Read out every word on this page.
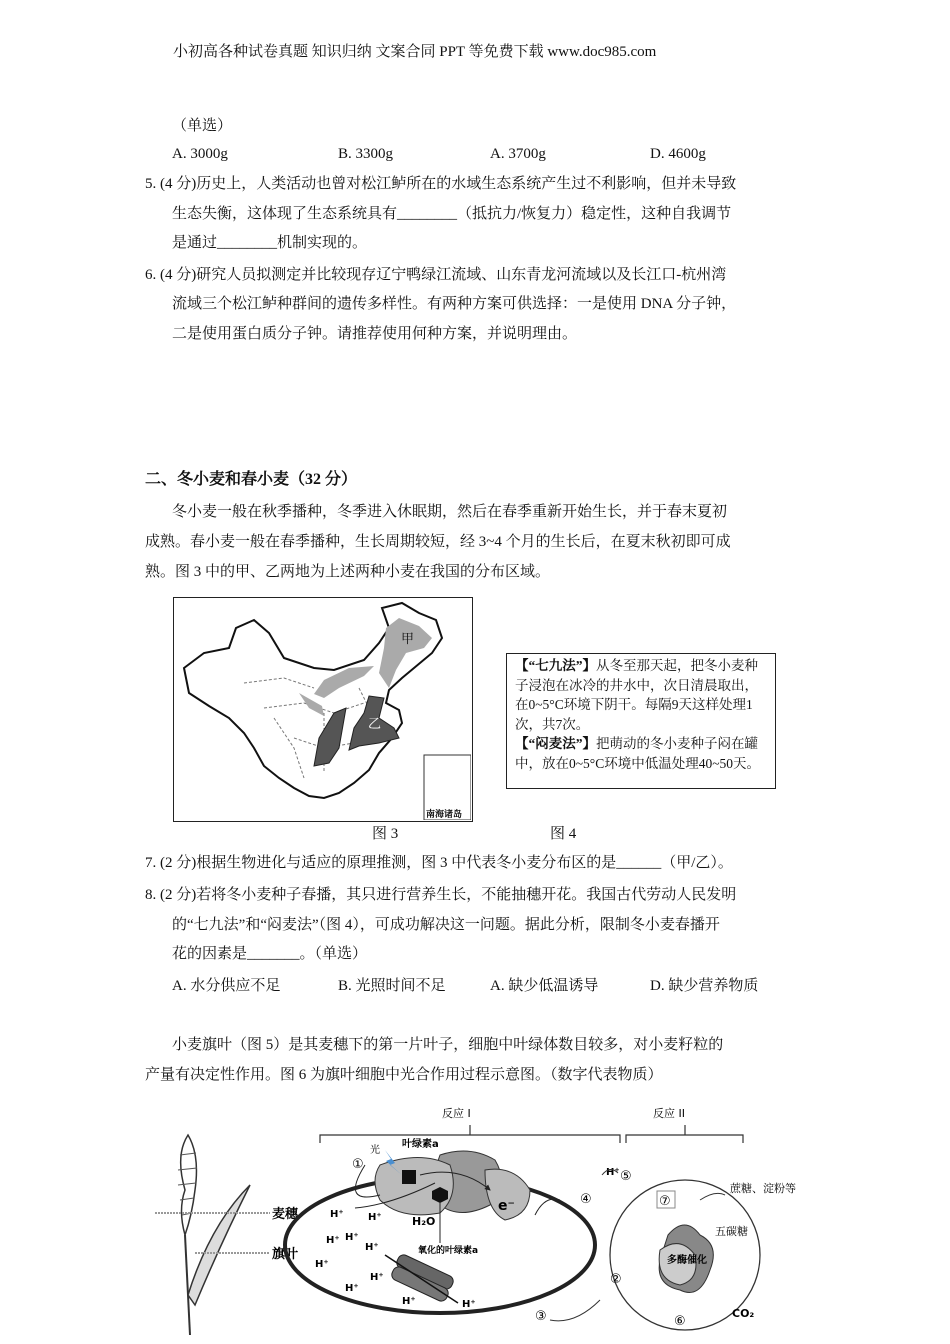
小初高各种试卷真题 知识归纳 文案合同 PPT 等免费下载 www.doc985.com
（单选）
A. 3000g	B. 3300g	A. 3700g	D. 4600g
5. (4 分)历史上，人类活动也曾对松江鲈所在的水域生态系统产生过不利影响，但并未导致
生态失衡，这体现了生态系统具有________（抵抗力/恢复力）稳定性，这种自我调节
是通过________机制实现的。
6. (4 分)研究人员拟测定并比较现存辽宁鸭绿江流域、山东青龙河流域以及长江口-杭州湾
流域三个松江鲈种群间的遗传多样性。有两种方案可供选择：一是使用 DNA 分子钟，
二是使用蛋白质分子钟。请推荐使用何种方案，并说明理由。
二、冬小麦和春小麦（32 分）
冬小麦一般在秋季播种，冬季进入休眠期，然后在春季重新开始生长，并于春末夏初
成熟。春小麦一般在春季播种，生长周期较短，经 3~4 个月的生长后，在夏末秋初即可成
熟。图 3 中的甲、乙两地为上述两种小麦在我国的分布区域。
甲
乙
南海诸岛
【“七九法”】从冬至那天起，把冬小麦种子浸泡在冰冷的井水中，次日清晨取出，在0~5°C环境下阴干。每隔9天这样处理1次，共7次。
【“闷麦法”】把萌动的冬小麦种子闷在罐中，放在0~5°C环境中低温处理40~50天。
图 3	图 4
7. (2 分)根据生物进化与适应的原理推测，图 3 中代表冬小麦分布区的是______（甲/乙）。
8. (2 分)若将冬小麦种子春播，其只进行营养生长，不能抽穗开花。我国古代劳动人民发明
的“七九法”和“闷麦法”（图 4），可成功解决这一问题。据此分析，限制冬小麦春播开
花的因素是_______。（单选）
A. 水分供应不足	B. 光照时间不足	A. 缺少低温诱导	D. 缺少营养物质
小麦旗叶（图 5）是其麦穗下的第一片叶子，细胞中叶绿体数目较多，对小麦籽粒的
产量有决定性作用。图 6 为旗叶细胞中光合作用过程示意图。（数字代表物质）
麦穗
旗叶
反应 I	反应 II
光
叶绿素a
氧化的叶绿素a
H₂O
e⁻
H⁺
H⁺
H⁺ H⁺
H⁺
H⁺
H⁺
H⁺
H⁺	H⁺
H⁺
多酶催化
①
②
③
④
⑤
⑥
⑦
蔗糖、淀粉等
五碳糖
CO₂
